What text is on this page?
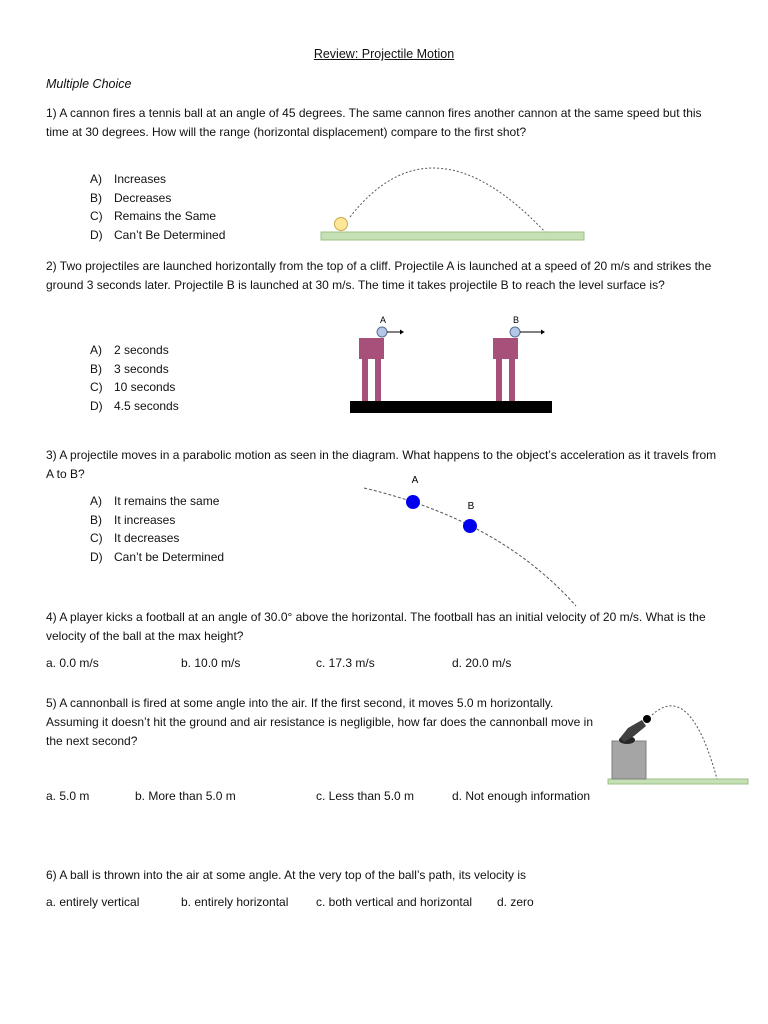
Review: Projectile Motion
Multiple Choice
1) A cannon fires a tennis ball at an angle of 45 degrees. The same cannon fires another cannon at the same speed but this time at 30 degrees. How will the range (horizontal displacement) compare to the first shot?
A) Increases
B) Decreases
C) Remains the Same
D) Can’t Be Determined
2) Two projectiles are launched horizontally from the top of a cliff. Projectile A is launched at a speed of 20 m/s and strikes the ground 3 seconds later. Projectile B is launched at 30 m/s. The time it takes projectile B to reach the level surface is?
A) 2 seconds
B) 3 seconds
C) 10 seconds
D) 4.5 seconds
A	B
3) A projectile moves in a parabolic motion as seen in the diagram. What happens to the object’s acceleration as it travels from A to B?
A) It remains the same
B) It increases
C) It decreases
D) Can’t be Determined
A
B
4) A player kicks a football at an angle of 30.0° above the horizontal. The football has an initial velocity of 20 m/s. What is the velocity of the ball at the max height?
a. 0.0 m/s	b. 10.0 m/s	c. 17.3 m/s	d. 20.0 m/s
5) A cannonball is fired at some angle into the air. If the first second, it moves 5.0 m horizontally. Assuming it doesn’t hit the ground and air resistance is negligible, how far does the cannonball move in the next second?
a. 5.0 m	b. More than 5.0 m	c. Less than 5.0 m	d. Not enough information
6) A ball is thrown into the air at some angle. At the very top of the ball’s path, its velocity is
a. entirely vertical	b. entirely horizontal c. both vertical and horizontal d. zero
